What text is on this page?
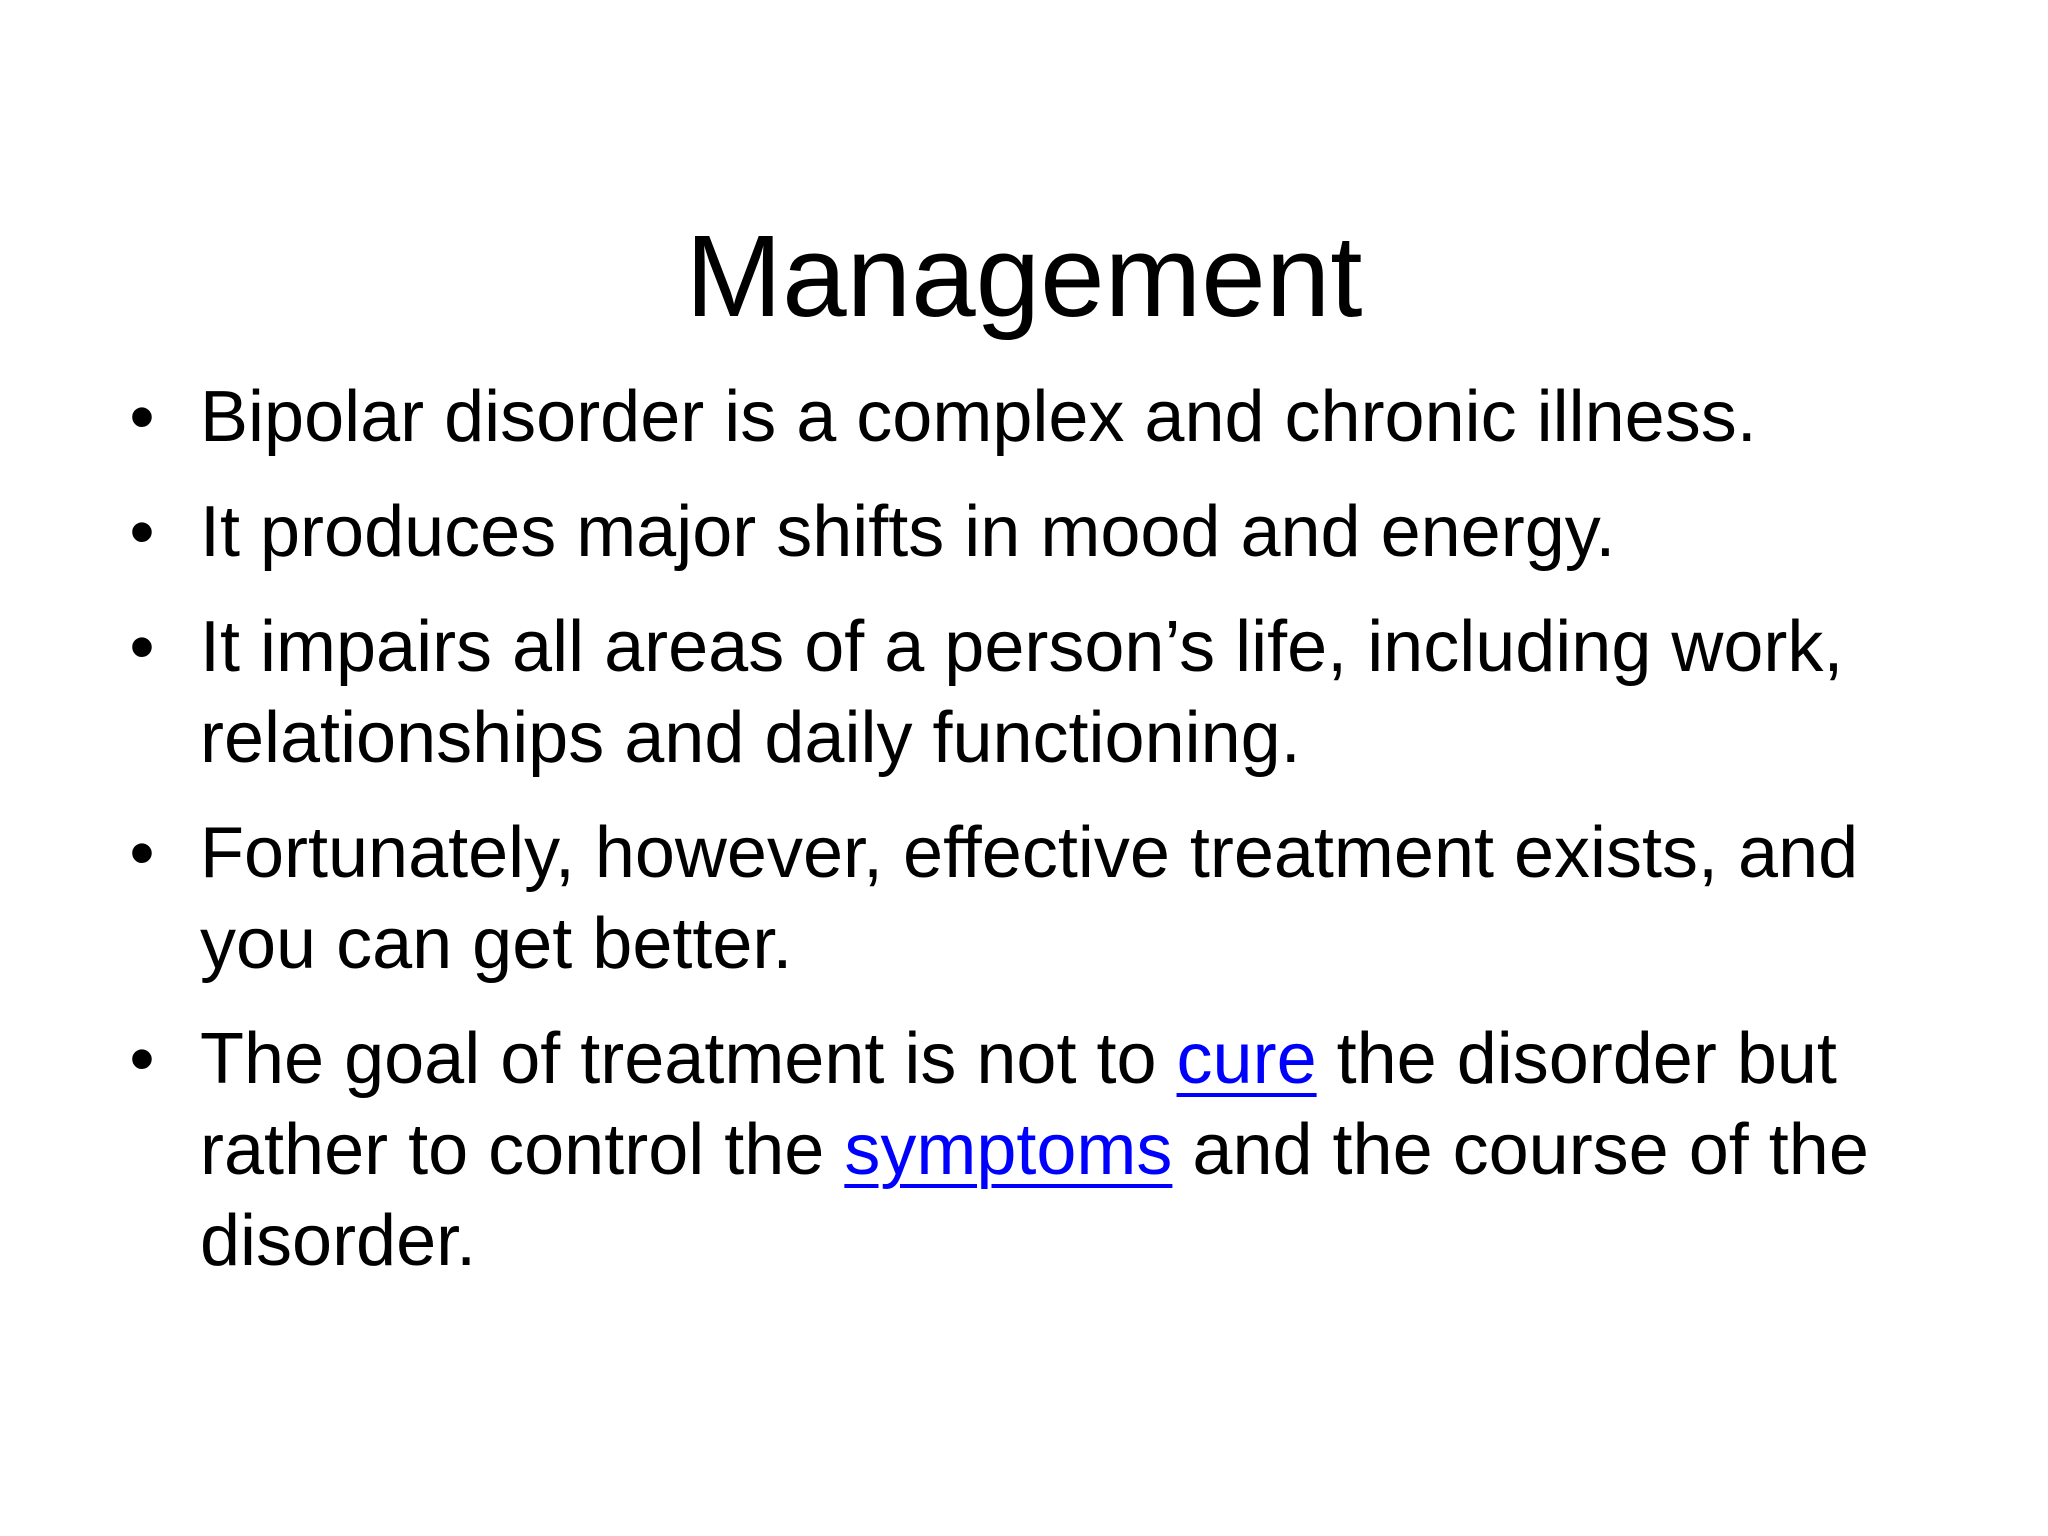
Management
• Bipolar disorder is a complex and chronic illness.
• It produces major shifts in mood and energy.
• It impairs all areas of a person’s life, including work, relationships and daily functioning.
• Fortunately, however, effective treatment exists, and you can get better.
• The goal of treatment is not to cure the disorder but rather to control the symptoms and the course of the disorder.
